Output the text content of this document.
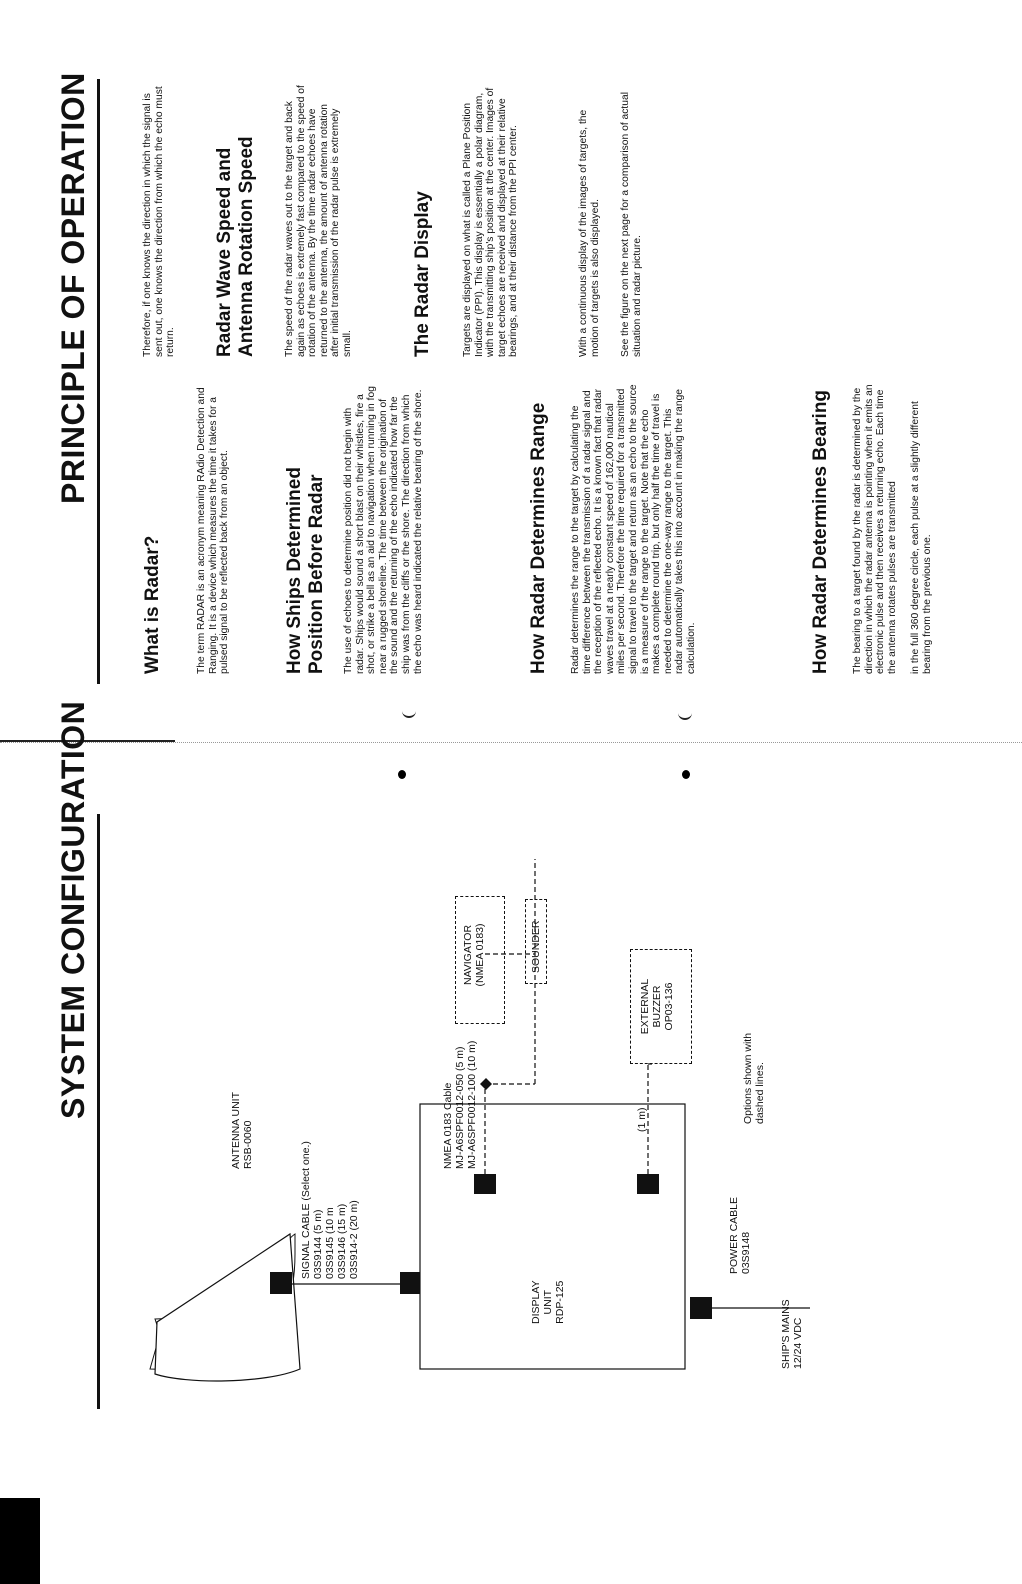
SYSTEM CONFIGURATION
ANTENNA UNIT
RSB-0060
SIGNAL CABLE (Select one.)
03S9144 (5 m)
03S9145 (10 m
03S9146 (15 m)
03S914-2 (20 m)
DISPLAY
UNIT
RDP-125
POWER CABLE
03S9148
SHIP'S MAINS
12/24 VDC
NMEA 0183 Cable
MJ-A6SPF0012-050 (5 m)
MJ-A6SPF0012-100 (10 m)
NAVIGATOR
(NMEA 0183)	SOUNDER
(1 m)
EXTERNAL
BUZZER
OP03-136
Options shown with
dashed lines.
PRINCIPLE OF OPERATION
What is Radar?	The term RADAR is an acronym meaning RAdio Detection and Ranging. It is a device which measures the time it takes for a pulsed signal to be reflected back from an object.	How Ships Determined Position Before Radar The use of echoes to determine position did not begin with radar. Ships would sound a short blast on their whistles, fire a shot, or strike a bell as an aid to navigation when running in fog near a rugged shoreline. The time between the origination of the sound and the returning of the echo indicated how far the ship was from the cliffs or the shore. The direction from which the echo was heard indicated the relative bearing of the shore.	How Radar Determines Range Radar determines the range to the target by calculating the time difference between the transmission of a radar signal and the reception of the reflected echo. It is a known fact that radar waves travel at a nearly constant speed of 162,000 nautical miles per second. Therefore the time required for a transmitted signal to travel to the target and return as an echo to the source is a measure of the range to the target. Note that the echo makes a complete round trip, but only half the time of travel is needed to determine the one-way range to the target. This radar automatically takes this into account in making the range calculation.	How Radar Determines Bearing The bearing to a target found by the radar is determined by the direction in which the radar antenna is pointing when it emits an electronic pulse and then receives a returning echo. Each time the antenna rotates pulses are transmitted in the full 360 degree circle, each pulse at a slightly different bearing from the previous one.
Therefore, if one knows the direction in which the signal is sent out, one knows the direction from which the echo must return. Radar Wave Speed and Antenna Rotation Speed	The speed of the radar waves out to the target and back again as echoes is extremely fast compared to the speed of rotation of the antenna. By the time radar echoes have returned to the antenna, the amount of antenna rotation after initial transmission of the radar pulse is extremely small.	The Radar Display	Targets are displayed on what is called a Plane Position Indicator (PPI). This display is essentially a polar diagram, with the transmitting ship's position at the center. Images of target echoes are received and displayed at their relative bearings, and at their distance from the PPI center.	With a continuous display of the images of targets, the motion of targets is also displayed. See the figure on the next page for a comparison of actual situation and radar picture.
